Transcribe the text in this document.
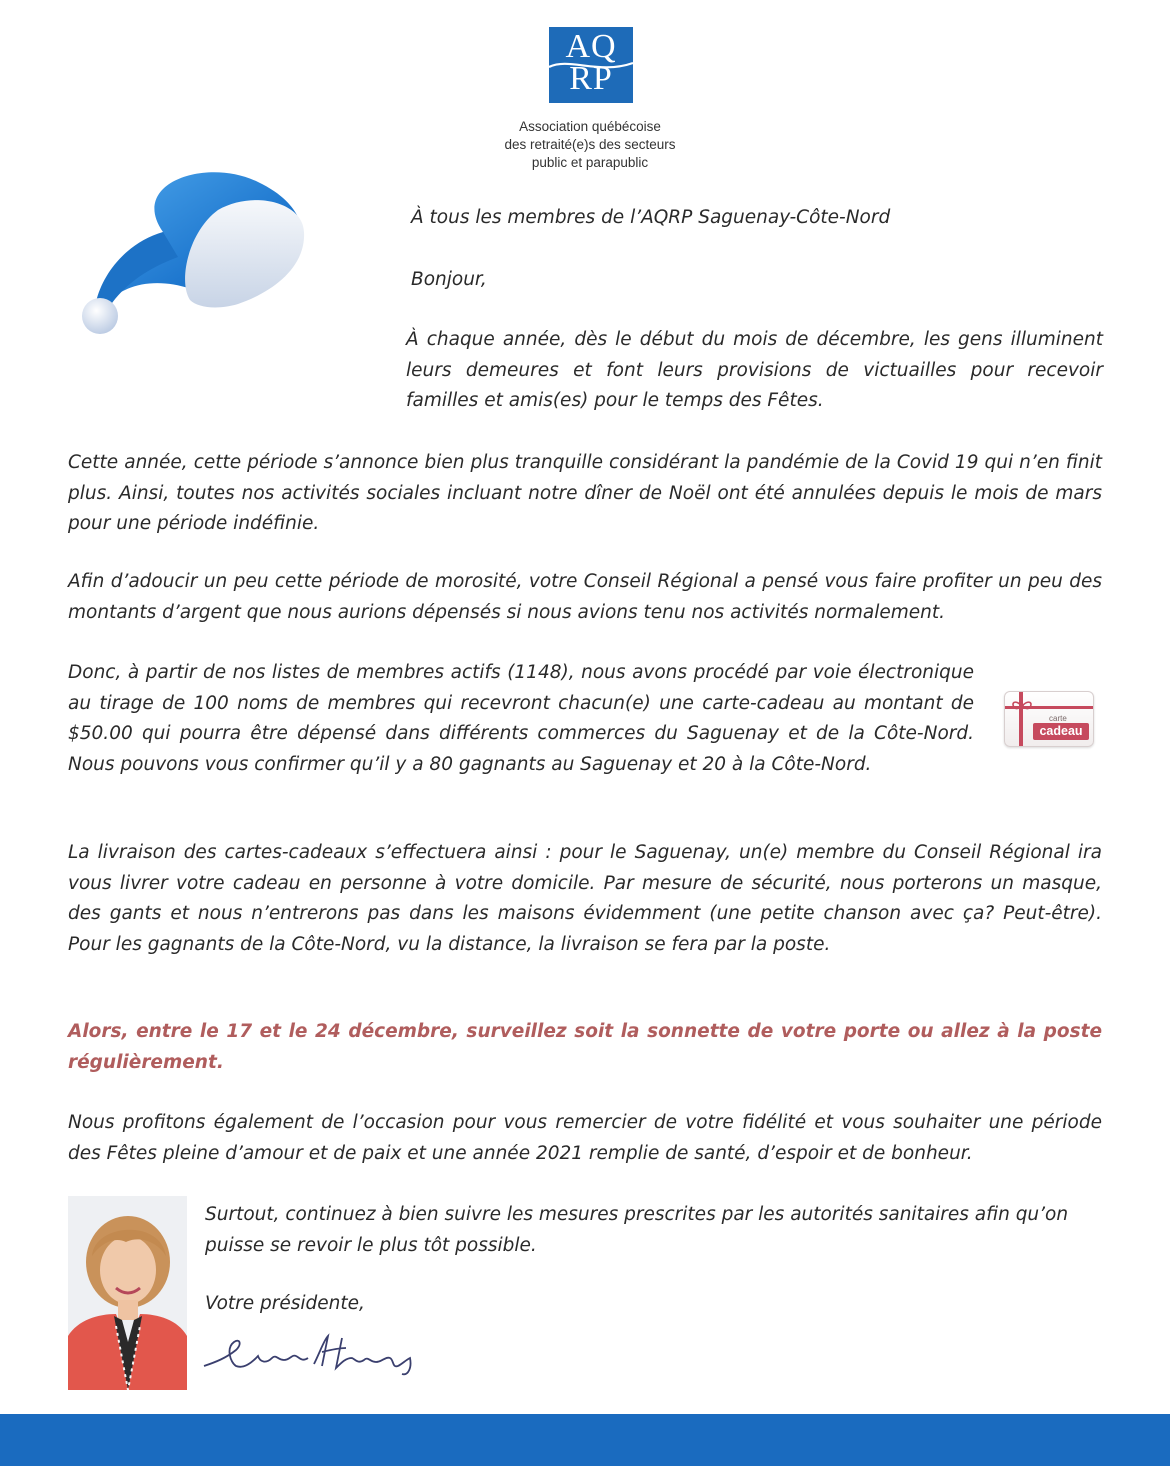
AQ
RP
Association québécoise
des retraité(e)s des secteurs
public et parapublic
À tous les membres de l’AQRP Saguenay-Côte-Nord
Bonjour,
À chaque année, dès le début du mois de décembre, les gens illuminent leurs demeures et font leurs provisions de victuailles pour recevoir familles et amis(es) pour le temps des Fêtes.
Cette année, cette période s’annonce bien plus tranquille considérant la pandémie de la Covid 19 qui n’en finit plus. Ainsi, toutes nos activités sociales incluant notre dîner de Noël ont été annulées depuis le mois de mars pour une période indéfinie.
Afin d’adoucir un peu cette période de morosité, votre Conseil Régional a pensé vous faire profiter un peu des montants d’argent que nous aurions dépensés si nous avions tenu nos activités normalement.
Donc, à partir de nos listes de membres actifs (1148), nous avons procédé par voie électronique au tirage de 100 noms de membres qui recevront chacun(e) une carte-cadeau au montant de $50.00 qui pourra être dépensé dans différents commerces du Saguenay et de la Côte-Nord. Nous pouvons vous confirmer qu’il y a 80 gagnants au Saguenay et 20 à la Côte-Nord.
carte
cadeau
La livraison des cartes-cadeaux s’effectuera ainsi : pour le Saguenay, un(e) membre du Conseil Régional ira vous livrer votre cadeau en personne à votre domicile. Par mesure de sécurité, nous porterons un masque, des gants et nous n’entrerons pas dans les maisons évidemment (une petite chanson avec ça? Peut-être). Pour les gagnants de la Côte-Nord, vu la distance, la livraison se fera par la poste.
Alors, entre le 17 et le 24 décembre, surveillez soit la sonnette de votre porte ou allez à la poste régulièrement.
Nous profitons également de l’occasion pour vous remercier de votre fidélité et vous souhaiter une période des Fêtes pleine d’amour et de paix et une année 2021 remplie de santé, d’espoir et de bonheur.
Surtout, continuez à bien suivre les mesures prescrites par les autorités sanitaires afin qu’on puisse se revoir le plus tôt possible.
Votre présidente,
